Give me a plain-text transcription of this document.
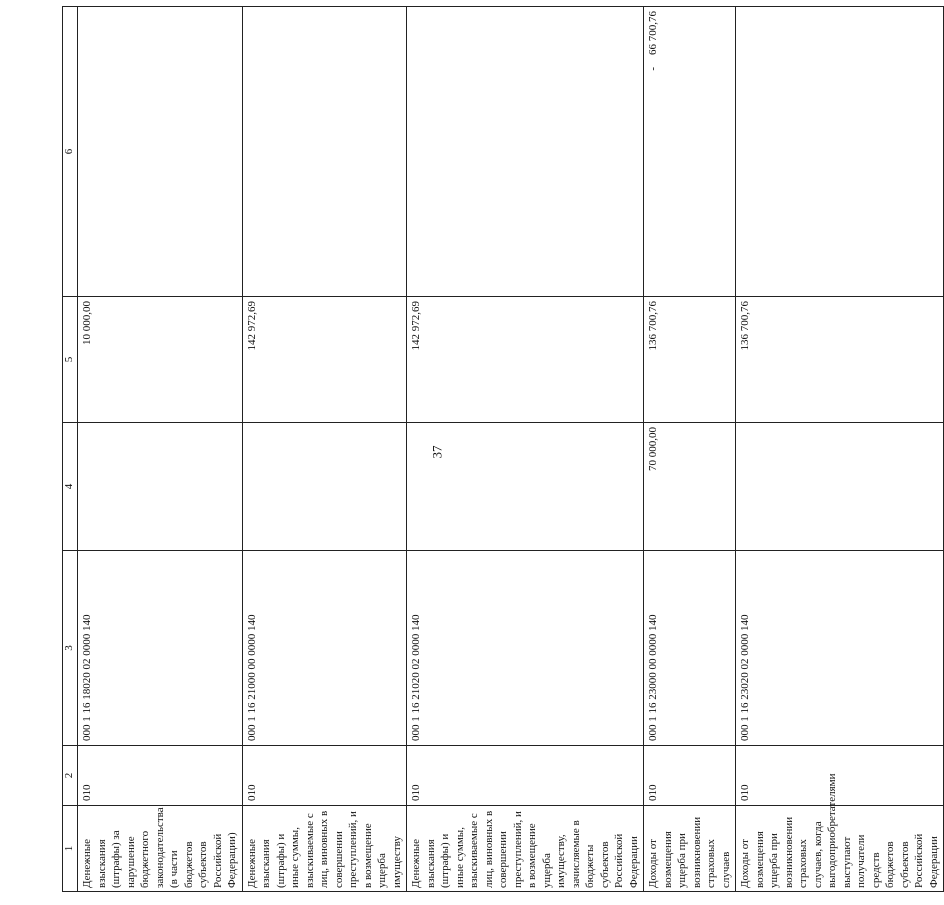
37
1	2	3	4	5	6
Денежные взыскания (штрафы) за нарушение бюджетного законодательства (в части бюджетов субъектов Российской Федерации)	010	000 1 16 18020 02 0000 140		10 000,00	
Денежные взыскания (штрафы) и иные суммы, взыскиваемые с лиц, виновных в совершении преступлений, и в возмещение ущерба имуществу	010	000 1 16 21000 00 0000 140		142 972,69	
Денежные взыскания (штрафы) и иные суммы, взыскиваемые с лиц, виновных в совершении преступлений, и в возмещение ущерба имуществу, зачисляемые в бюджеты субъектов Российской Федерации	010	000 1 16 21020 02 0000 140		142 972,69	
Доходы от возмещения ущерба при возникновении страховых случаев	010	000 1 16 23000 00 0000 140	70 000,00	136 700,76	-66 700,76
Доходы от возмещения ущерба при возникновении страховых случаев, когда выгодоприобретателями выступают получатели средств бюджетов субъектов Российской Федерации	010	000 1 16 23020 02 0000 140		136 700,76	
